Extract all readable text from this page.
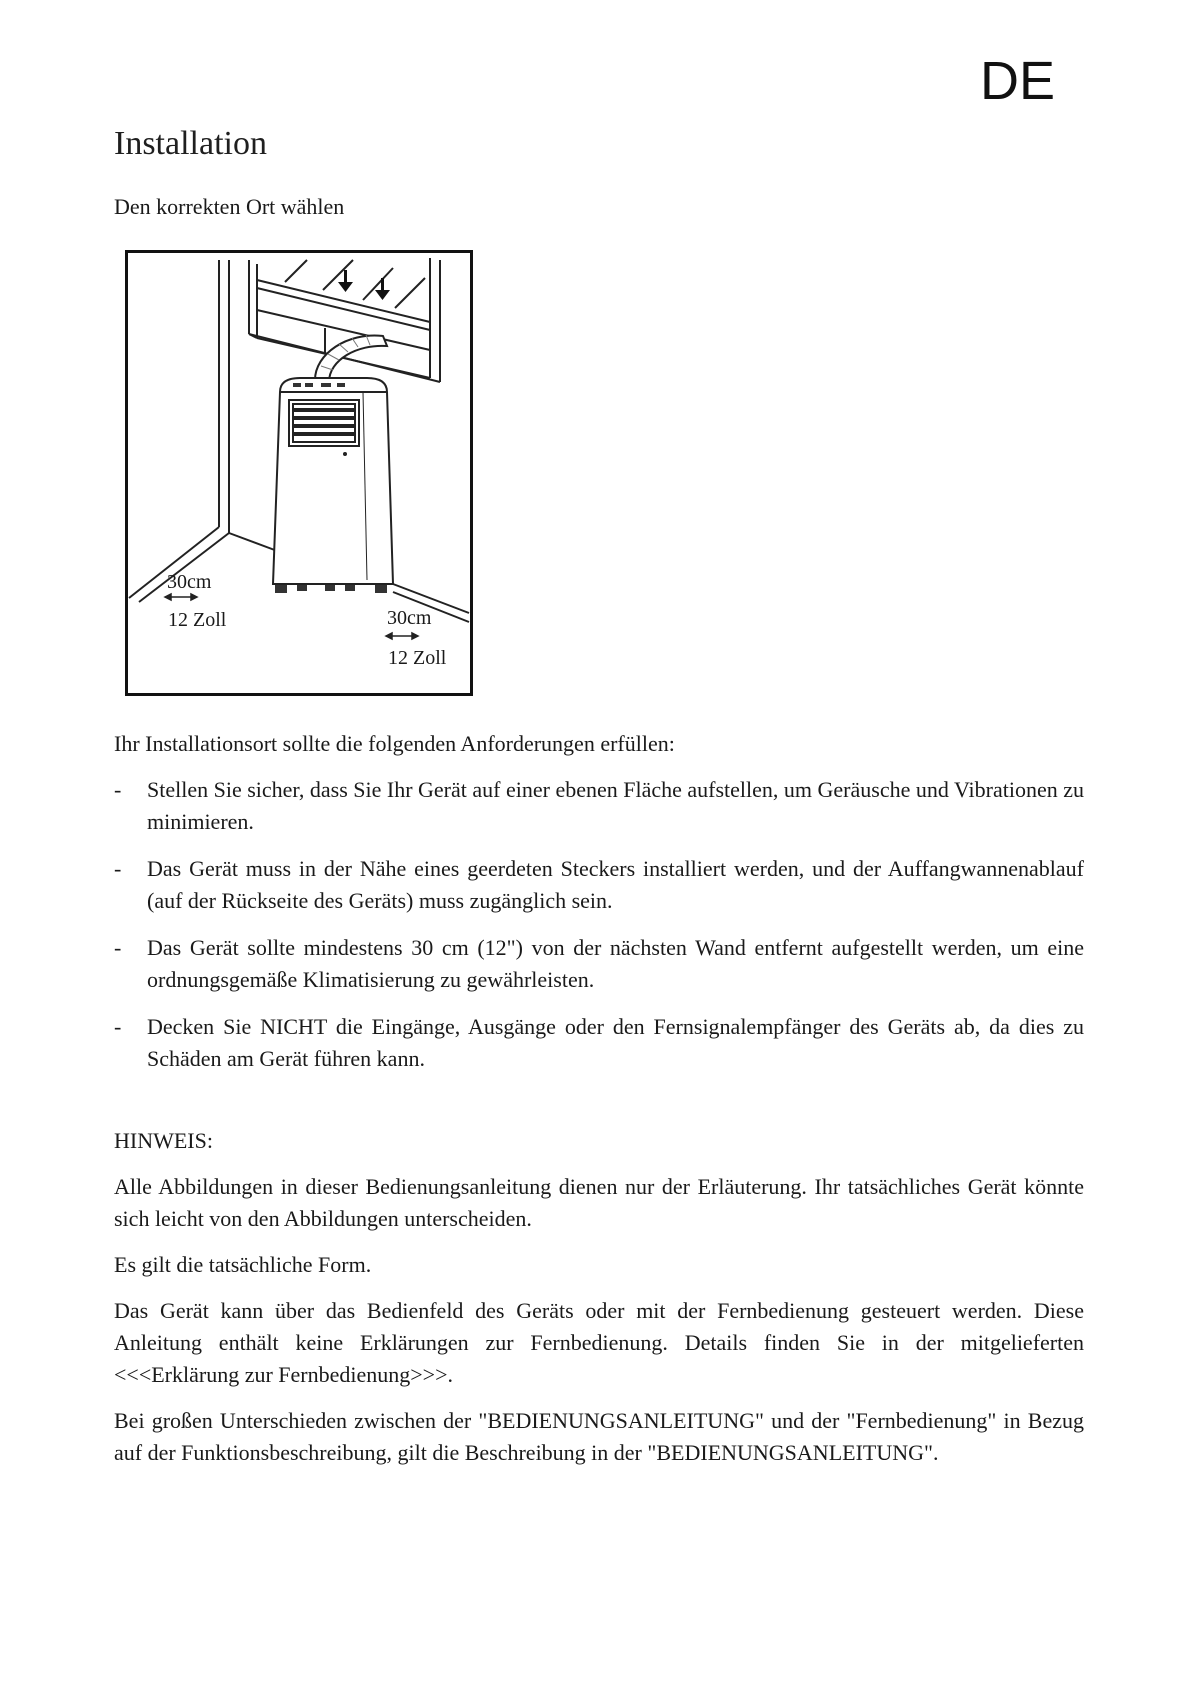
DE
Installation

Den korrekten Ort wählen

30cm
12 Zoll	30cm
12 Zoll

Ihr Installationsort sollte die folgenden Anforderungen erfüllen:

- Stellen Sie sicher, dass Sie Ihr Gerät auf einer ebenen Fläche aufstellen, um Geräusche und Vibrationen zu minimieren.
- Das Gerät muss in der Nähe eines geerdeten Steckers installiert werden, und der Auffangwannenablauf (auf der Rückseite des Geräts) muss zugänglich sein.
- Das Gerät sollte mindestens 30 cm (12") von der nächsten Wand entfernt aufgestellt werden, um eine ordnungsgemäße Klimatisierung zu gewährleisten.
- Decken Sie NICHT die Eingänge, Ausgänge oder den Fernsignalempfänger des Geräts ab, da dies zu Schäden am Gerät führen kann.

HINWEIS:

Alle Abbildungen in dieser Bedienungsanleitung dienen nur der Erläuterung. Ihr tatsächliches Gerät könnte sich leicht von den Abbildungen unterscheiden.

Es gilt die tatsächliche Form.

Das Gerät kann über das Bedienfeld des Geräts oder mit der Fernbedienung gesteuert werden. Diese Anleitung enthält keine Erklärungen zur Fernbedienung. Details finden Sie in der mitgelieferten <<<Erklärung zur Fernbedienung>>>.

Bei großen Unterschieden zwischen der "BEDIENUNGSANLEITUNG" und der "Fernbedienung" in Bezug auf der Funktionsbeschreibung, gilt die Beschreibung in der "BEDIENUNGSANLEITUNG".
